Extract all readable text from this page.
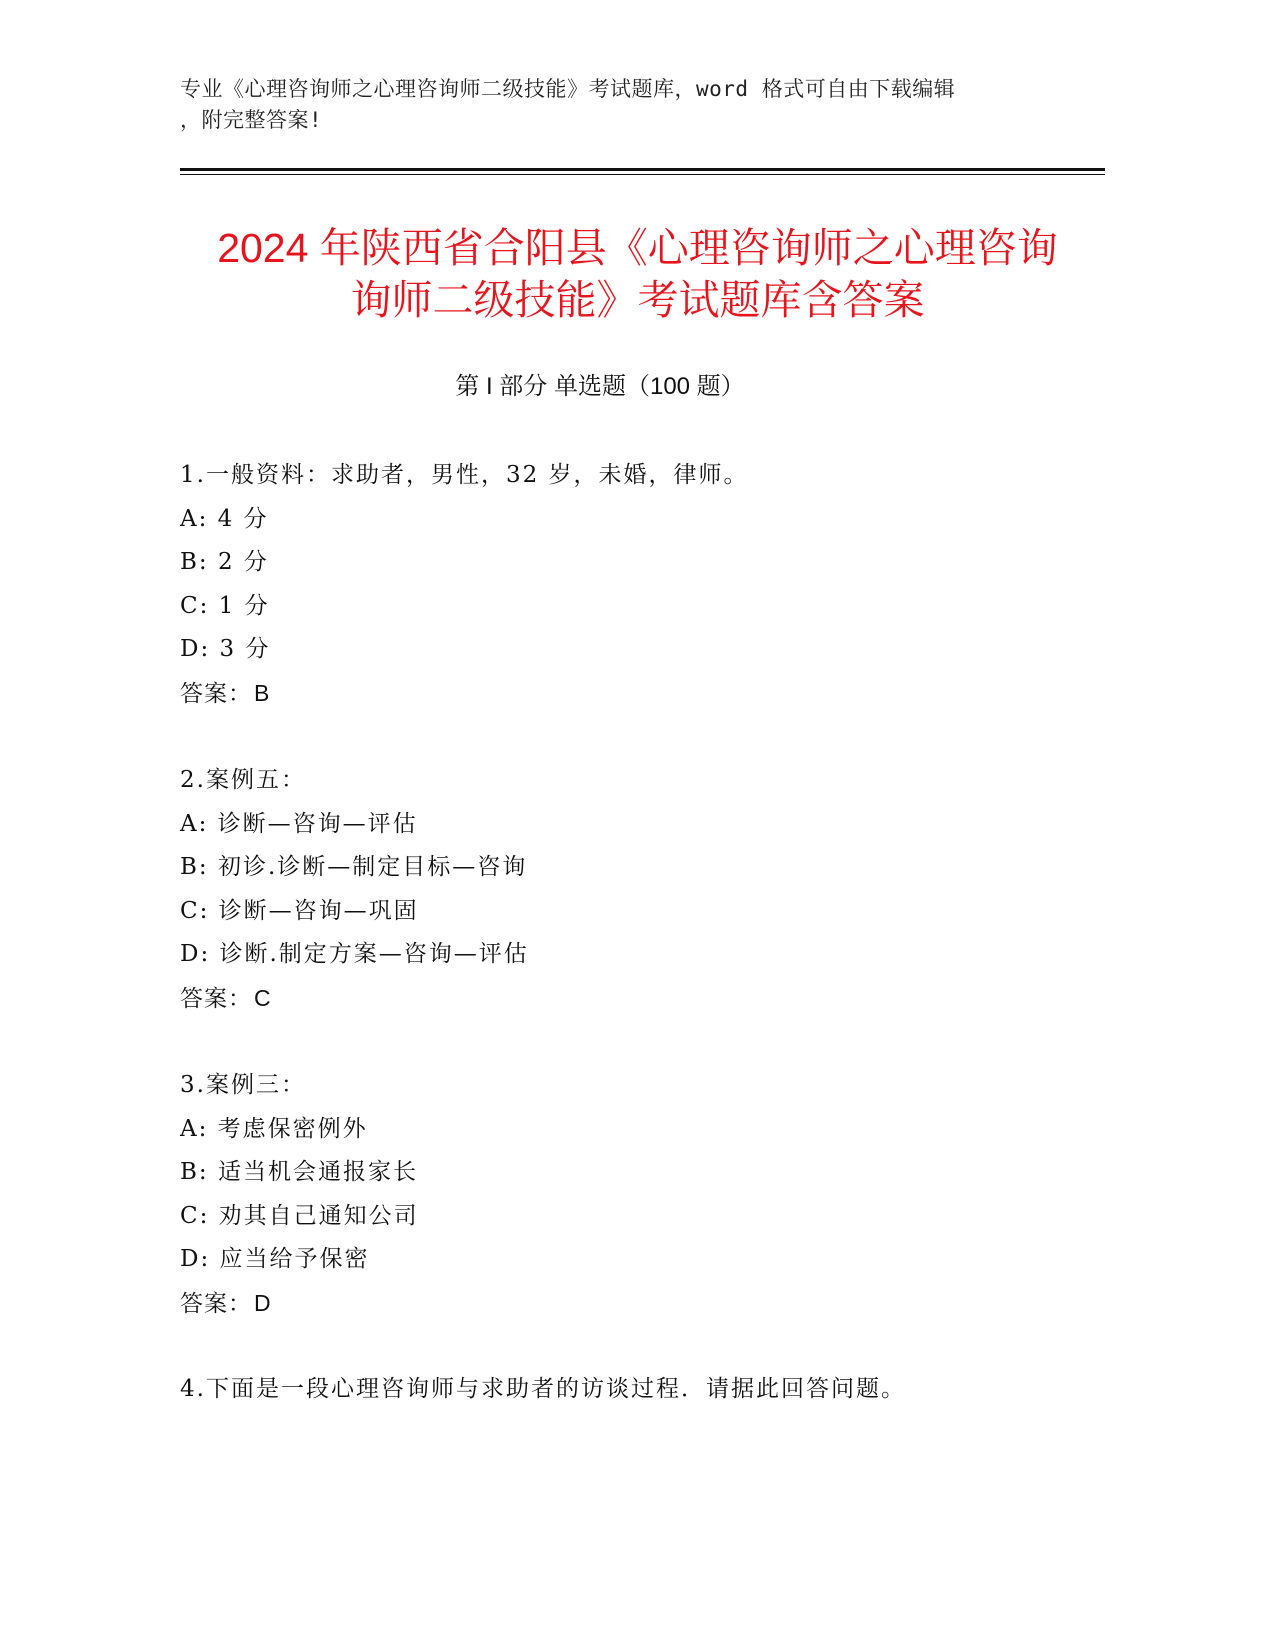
专业《心理咨询师之心理咨询师二级技能》考试题库，word 格式可自由下载编辑
，附完整答案!
2024 年陕西省合阳县《心理咨询师之心理咨询
询师二级技能》考试题库含答案
第 I 部分 单选题（100 题）
1.一般资料：求助者，男性，32 岁，未婚，律师。
A: 4 分
B: 2 分
C: 1 分
D: 3 分
答案：B
2.案例五：
A: 诊断—咨询—评估
B: 初诊.诊断—制定目标—咨询
C: 诊断—咨询—巩固
D: 诊断.制定方案—咨询—评估
答案：C
3.案例三：
A: 考虑保密例外
B: 适当机会通报家长
C: 劝其自己通知公司
D: 应当给予保密
答案：D
4.下面是一段心理咨询师与求助者的访谈过程．请据此回答问题。
